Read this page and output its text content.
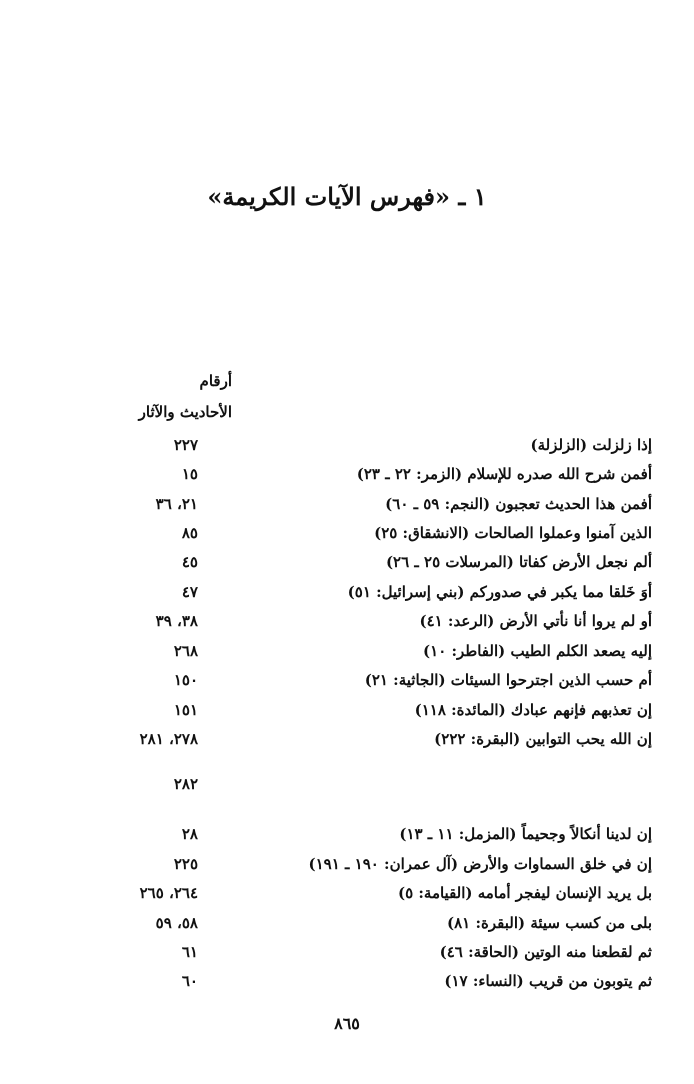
١ ـ «فهرس الآيات الكريمة»
أرقام
الأحاديث والآثار
إذا زلزلت (الزلزلة)
٢٢٧
أفمن شرح الله صدره للإسلام (الزمر: ٢٢ ـ ٢٣)
١٥
أفمن هذا الحديث تعجبون (النجم: ٥٩ ـ ٦٠)
٢١، ٣٦
الذين آمنوا وعملوا الصالحات (الانشقاق: ٢٥)
٨٥
ألم نجعل الأرض كفاتا (المرسلات ٢٥ ـ ٢٦)
٤٥
أوَ خَلقا مما يكبر في صدوركم (بني إسرائيل: ٥١)
٤٧
أو لم يروا أنا نأتي الأرض (الرعد: ٤١)
٣٨، ٣٩
إليه يصعد الكلم الطيب (الفاطر: ١٠)
٢٦٨
أم حسب الذين اجترحوا السيئات (الجاثية: ٢١)
١٥٠
إن تعذبهم فإنهم عبادك (المائدة: ١١٨)
١٥١
إن الله يحب التوابين (البقرة: ٢٢٢)
٢٧٨، ٢٨١
٢٨٢
إن لدينا أنكالاً وجحيماً (المزمل: ١١ ـ ١٣)
٢٨
إن في خلق السماوات والأرض (آل عمران: ١٩٠ ـ ١٩١)
٢٢٥
بل يريد الإنسان ليفجر أمامه (القيامة: ٥)
٢٦٤، ٢٦٥
بلى من كسب سيئة (البقرة: ٨١)
٥٨، ٥٩
ثم لقطعنا منه الوتين (الحاقة: ٤٦)
٦١
ثم يتوبون من قريب (النساء: ١٧)
٦٠
٨٦٥
